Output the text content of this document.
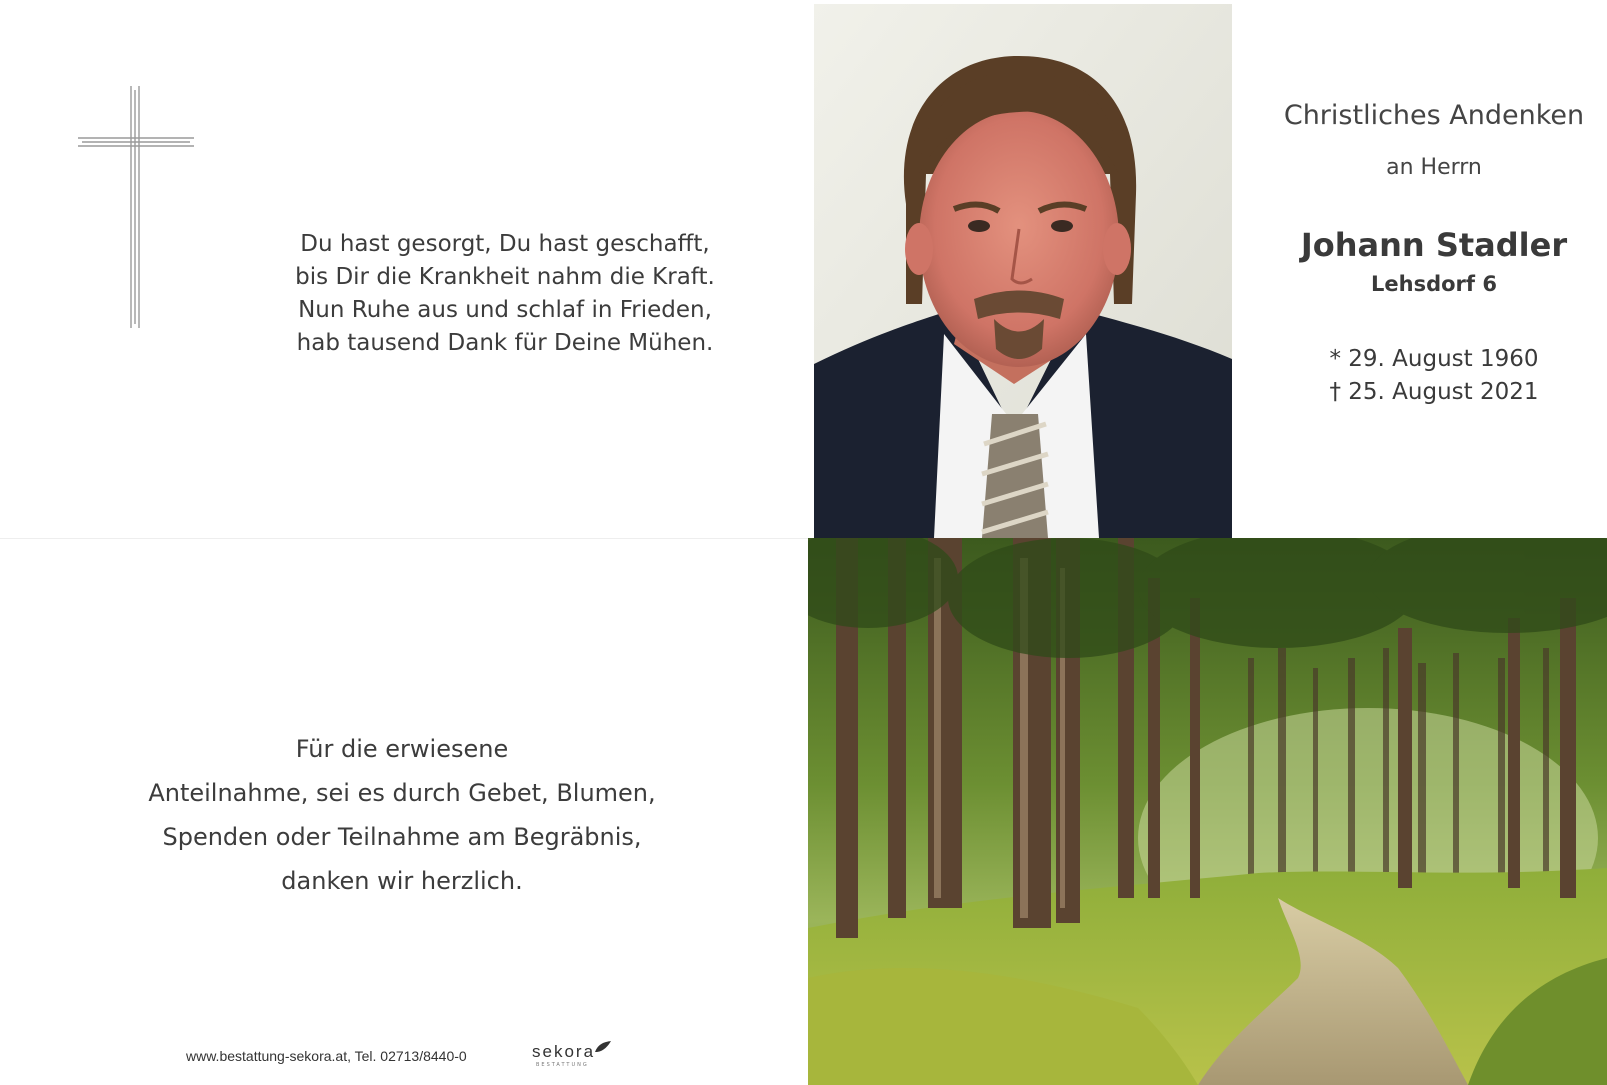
Du hast gesorgt, Du hast geschafft,
bis Dir die Krankheit nahm die Kraft.
Nun Ruhe aus und schlaf in Frieden,
hab tausend Dank für Deine Mühen.
Christliches Andenken
an Herrn
Johann Stadler
Lehsdorf 6
* 29. August 1960
† 25. August 2021
Für die erwiesene
Anteilnahme, sei es durch Gebet, Blumen,
Spenden oder Teilnahme am Begräbnis,
danken wir herzlich.
www.bestattung-sekora.at, Tel. 02713/8440-0	sekora
BESTATTUNG
